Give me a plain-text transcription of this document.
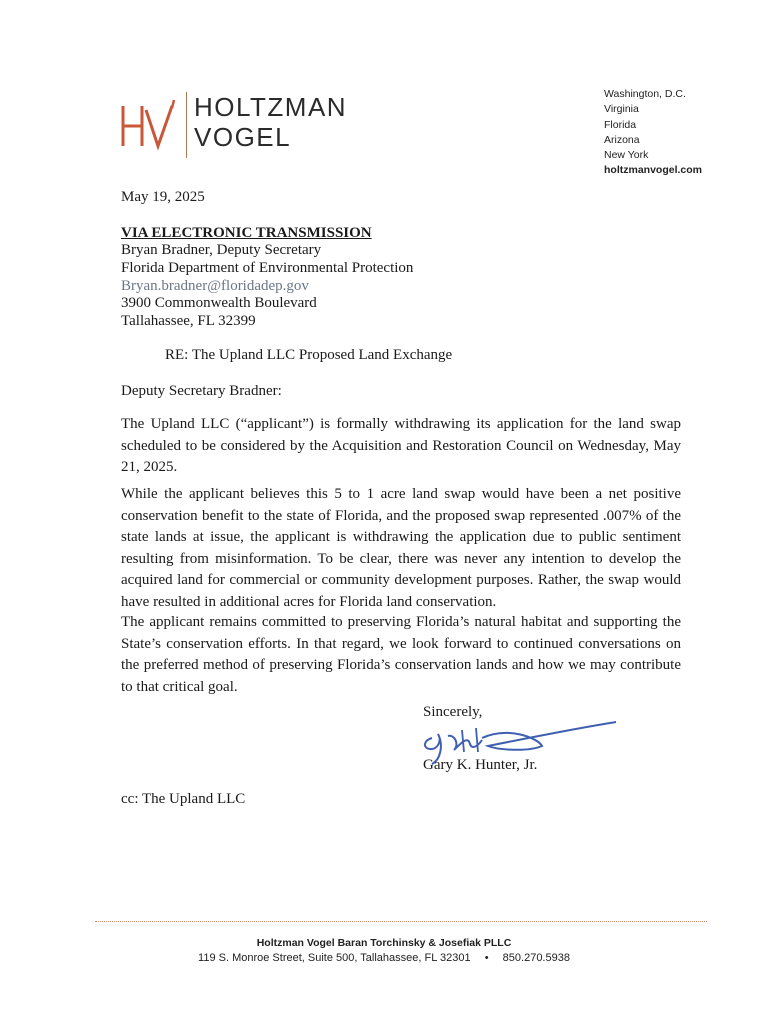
HOLTZMAN
VOGEL
Washington, D.C.
Virginia
Florida
Arizona
New York
holtzmanvogel.com
May 19, 2025
VIA ELECTRONIC TRANSMISSION
Bryan Bradner, Deputy Secretary
Florida Department of Environmental Protection
Bryan.bradner@floridadep.gov
3900 Commonwealth Boulevard
Tallahassee, FL 32399
RE: The Upland LLC Proposed Land Exchange
Deputy Secretary Bradner:
The Upland LLC (“applicant”) is formally withdrawing its application for the land swap scheduled to be considered by the Acquisition and Restoration Council on Wednesday, May 21, 2025.
While the applicant believes this 5 to 1 acre land swap would have been a net positive conservation benefit to the state of Florida, and the proposed swap represented .007% of the state lands at issue, the applicant is withdrawing the application due to public sentiment resulting from misinformation. To be clear, there was never any intention to develop the acquired land for commercial or community development purposes. Rather, the swap would have resulted in additional acres for Florida land conservation.
The applicant remains committed to preserving Florida’s natural habitat and supporting the State’s conservation efforts. In that regard, we look forward to continued conversations on the preferred method of preserving Florida’s conservation lands and how we may contribute to that critical goal.
Sincerely,
Gary K. Hunter, Jr.
cc: The Upland LLC
Holtzman Vogel Baran Torchinsky & Josefiak PLLC
119 S. Monroe Street, Suite 500, Tallahassee, FL 32301 • 850.270.5938
